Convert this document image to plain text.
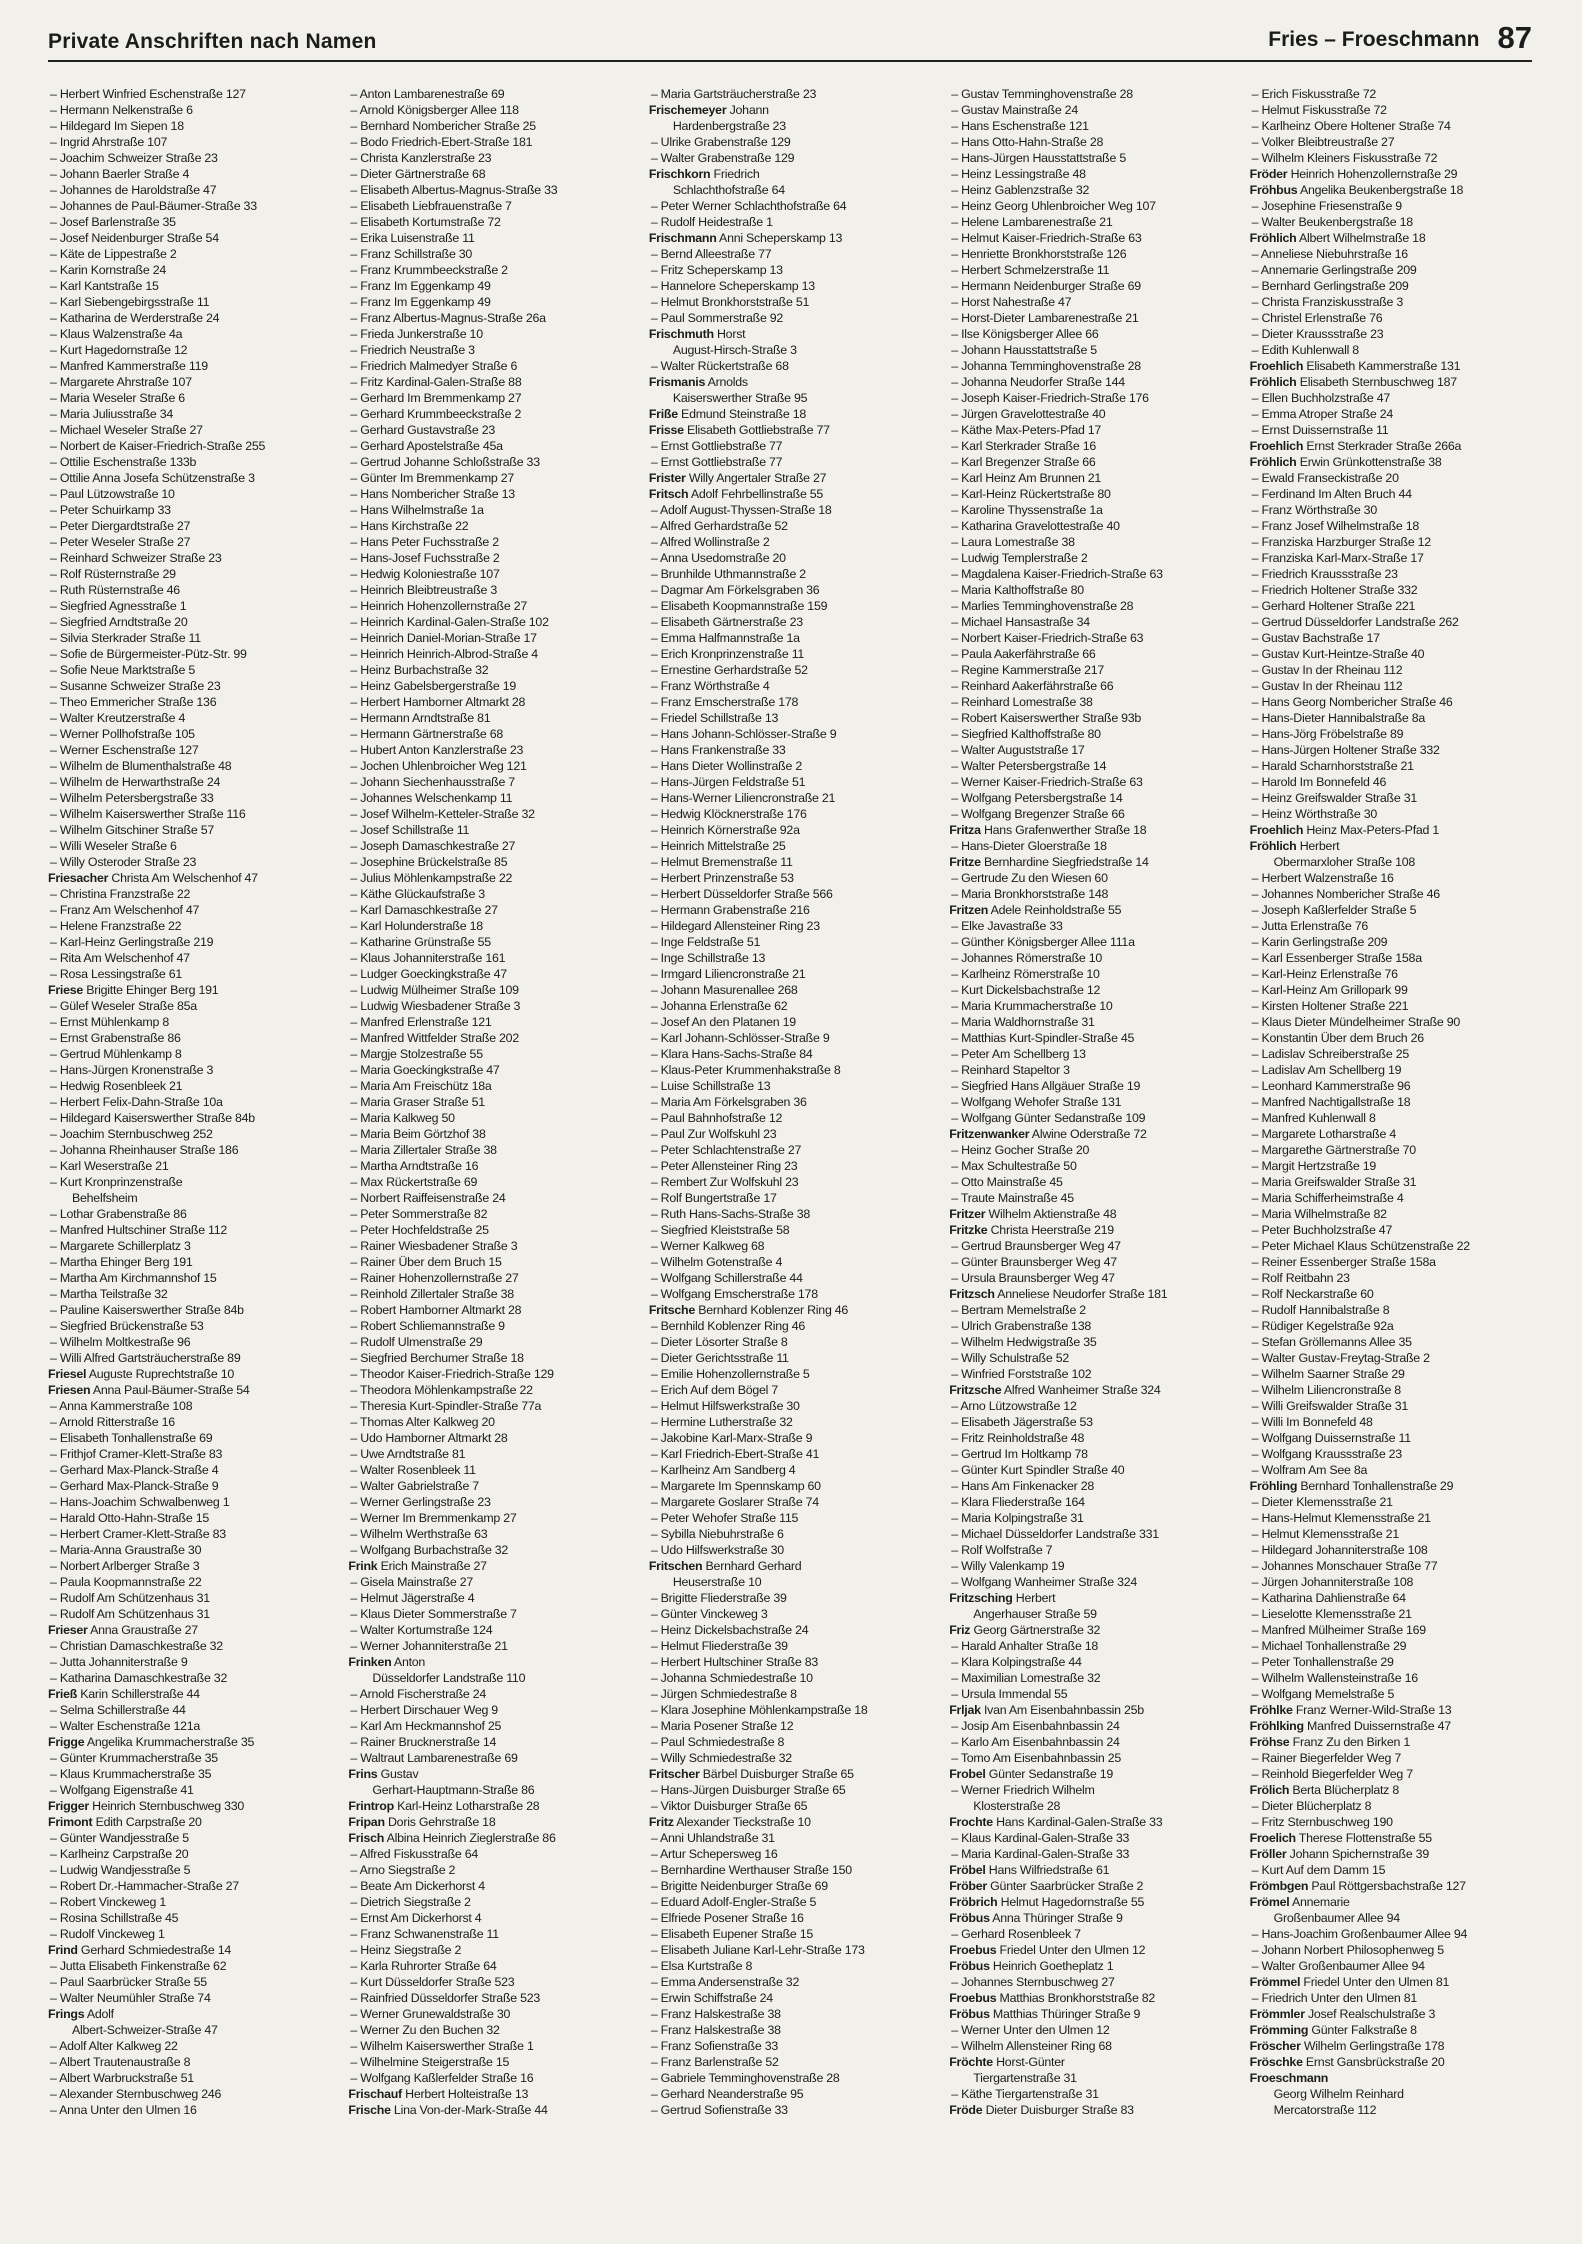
Private Anschriften nach Namen	Fries – Froeschmann 87
– Herbert Winfried Eschenstraße 127
– Hermann Nelkenstraße 6
– Hildegard Im Siepen 18
– Ingrid Ahrstraße 107
– Joachim Schweizer Straße 23
– Johann Baerler Straße 4
– Johannes de Haroldstraße 47
– Johannes de Paul-Bäumer-Straße 33
– Josef Barlenstraße 35
– Josef Neidenburger Straße 54
– Käte de Lippestraße 2
– Karin Kornstraße 24
– Karl Kantstraße 15
– Karl Siebengebirgsstraße 11
– Katharina de Werderstraße 24
– Klaus Walzenstraße 4a
– Kurt Hagedornstraße 12
– Manfred Kammerstraße 119
– Margarete Ahrstraße 107
– Maria Weseler Straße 6
– Maria Juliusstraße 34
– Michael Weseler Straße 27
– Norbert de Kaiser-Friedrich-Straße 255
– Ottilie Eschenstraße 133b
– Ottilie Anna Josefa Schützenstraße 3
– Paul Lützowstraße 10
– Peter Schuirkamp 33
– Peter Diergardtstraße 27
– Peter Weseler Straße 27
– Reinhard Schweizer Straße 23
– Rolf Rüsternstraße 29
– Ruth Rüsternstraße 46
– Siegfried Agnesstraße 1
– Siegfried Arndtstraße 20
– Silvia Sterkrader Straße 11
– Sofie de Bürgermeister-Pütz-Str. 99
– Sofie Neue Marktstraße 5
– Susanne Schweizer Straße 23
– Theo Emmericher Straße 136
– Walter Kreutzerstraße 4
– Werner Pollhofstraße 105
– Werner Eschenstraße 127
– Wilhelm de Blumenthalstraße 48
– Wilhelm de Herwarthstraße 24
– Wilhelm Petersbergstraße 33
– Wilhelm Kaiserswerther Straße 116
– Wilhelm Gitschiner Straße 57
– Willi Weseler Straße 6
– Willy Osteroder Straße 23
Friesacher Christa Am Welschenhof 47
– Christina Franzstraße 22
– Franz Am Welschenhof 47
– Helene Franzstraße 22
– Karl-Heinz Gerlingstraße 219
– Rita Am Welschenhof 47
– Rosa Lessingstraße 61
Friese Brigitte Ehinger Berg 191
– Gülef Weseler Straße 85a
– Ernst Mühlenkamp 8
– Ernst Grabenstraße 86
– Gertrud Mühlenkamp 8
– Hans-Jürgen Kronenstraße 3
– Hedwig Rosenbleek 21
– Herbert Felix-Dahn-Straße 10a
– Hildegard Kaiserswerther Straße 84b
– Joachim Sternbuschweg 252
– Johanna Rheinhauser Straße 186
– Karl Weserstraße 21
– Kurt Kronprinzenstraße
Behelfsheim
– Lothar Grabenstraße 86
– Manfred Hultschiner Straße 112
– Margarete Schillerplatz 3
– Martha Ehinger Berg 191
– Martha Am Kirchmannshof 15
– Martha Teilstraße 32
– Pauline Kaiserswerther Straße 84b
– Siegfried Brückenstraße 53
– Wilhelm Moltkestraße 96
– Willi Alfred Gartsträucherstraße 89
Friesel Auguste Ruprechtstraße 10
Friesen Anna Paul-Bäumer-Straße 54
– Anna Kammerstraße 108
– Arnold Ritterstraße 16
– Elisabeth Tonhallenstraße 69
– Frithjof Cramer-Klett-Straße 83
– Gerhard Max-Planck-Straße 4
– Gerhard Max-Planck-Straße 9
– Hans-Joachim Schwalbenweg 1
– Harald Otto-Hahn-Straße 15
– Herbert Cramer-Klett-Straße 83
– Maria-Anna Graustraße 30
– Norbert Arlberger Straße 3
– Paula Koopmannstraße 22
– Rudolf Am Schützenhaus 31
– Rudolf Am Schützenhaus 31
Frieser Anna Graustraße 27
– Christian Damaschkestraße 32
– Jutta Johanniterstraße 9
– Katharina Damaschkestraße 32
Frieß Karin Schillerstraße 44
– Selma Schillerstraße 44
– Walter Eschenstraße 121a
Frigge Angelika Krummacherstraße 35
– Günter Krummacherstraße 35
– Klaus Krummacherstraße 35
– Wolfgang Eigenstraße 41
Frigger Heinrich Sternbuschweg 330
Frimont Edith Carpstraße 20
– Günter Wandjesstraße 5
– Karlheinz Carpstraße 20
– Ludwig Wandjesstraße 5
– Robert Dr.-Hammacher-Straße 27
– Robert Vinckeweg 1
– Rosina Schillstraße 45
– Rudolf Vinckeweg 1
Frind Gerhard Schmiedestraße 14
– Jutta Elisabeth Finkenstraße 62
– Paul Saarbrücker Straße 55
– Walter Neumühler Straße 74
Frings Adolf
Albert-Schweizer-Straße 47
– Adolf Alter Kalkweg 22
– Albert Trautenaustraße 8
– Albert Warbruckstraße 51
– Alexander Sternbuschweg 246
– Anna Unter den Ulmen 16
– Anton Lambarenestraße 69
– Arnold Königsberger Allee 118
– Bernhard Nombericher Straße 25
– Bodo Friedrich-Ebert-Straße 181
– Christa Kanzlerstraße 23
– Dieter Gärtnerstraße 68
– Elisabeth Albertus-Magnus-Straße 33
– Elisabeth Liebfrauenstraße 7
– Elisabeth Kortumstraße 72
– Erika Luisenstraße 11
– Franz Schillstraße 30
– Franz Krummbeeckstraße 2
– Franz Im Eggenkamp 49
– Franz Im Eggenkamp 49
– Franz Albertus-Magnus-Straße 26a
– Frieda Junkerstraße 10
– Friedrich Neustraße 3
– Friedrich Malmedyer Straße 6
– Fritz Kardinal-Galen-Straße 88
– Gerhard Im Bremmenkamp 27
– Gerhard Krummbeeckstraße 2
– Gerhard Gustavstraße 23
– Gerhard Apostelstraße 45a
– Gertrud Johanne Schloßstraße 33
– Günter Im Bremmenkamp 27
– Hans Nombericher Straße 13
– Hans Wilhelmstraße 1a
– Hans Kirchstraße 22
– Hans Peter Fuchsstraße 2
– Hans-Josef Fuchsstraße 2
– Hedwig Koloniestraße 107
– Heinrich Bleibtreustraße 3
– Heinrich Hohenzollernstraße 27
– Heinrich Kardinal-Galen-Straße 102
– Heinrich Daniel-Morian-Straße 17
– Heinrich Heinrich-Albrod-Straße 4
– Heinz Burbachstraße 32
– Heinz Gabelsbergerstraße 19
– Herbert Hamborner Altmarkt 28
– Hermann Arndtstraße 81
– Hermann Gärtnerstraße 68
– Hubert Anton Kanzlerstraße 23
– Jochen Uhlenbroicher Weg 121
– Johann Siechenhausstraße 7
– Johannes Welschenkamp 11
– Josef Wilhelm-Ketteler-Straße 32
– Josef Schillstraße 11
– Joseph Damaschkestraße 27
– Josephine Brückelstraße 85
– Julius Möhlenkampstraße 22
– Käthe Glückaufstraße 3
– Karl Damaschkestraße 27
– Karl Holunderstraße 18
– Katharine Grünstraße 55
– Klaus Johanniterstraße 161
– Ludger Goeckingkstraße 47
– Ludwig Mülheimer Straße 109
– Ludwig Wiesbadener Straße 3
– Manfred Erlenstraße 121
– Manfred Wittfelder Straße 202
– Margje Stolzestraße 55
– Maria Goeckingkstraße 47
– Maria Am Freischütz 18a
– Maria Graser Straße 51
– Maria Kalkweg 50
– Maria Beim Görtzhof 38
– Maria Zillertaler Straße 38
– Martha Arndtstraße 16
– Max Rückertstraße 69
– Norbert Raiffeisenstraße 24
– Peter Sommerstraße 82
– Peter Hochfeldstraße 25
– Rainer Wiesbadener Straße 3
– Rainer Über dem Bruch 15
– Rainer Hohenzollernstraße 27
– Reinhold Zillertaler Straße 38
– Robert Hamborner Altmarkt 28
– Robert Schliemannstraße 9
– Rudolf Ulmenstraße 29
– Siegfried Berchumer Straße 18
– Theodor Kaiser-Friedrich-Straße 129
– Theodora Möhlenkampstraße 22
– Theresia Kurt-Spindler-Straße 77a
– Thomas Alter Kalkweg 20
– Udo Hamborner Altmarkt 28
– Uwe Arndtstraße 81
– Walter Rosenbleek 11
– Walter Gabrielstraße 7
– Werner Gerlingstraße 23
– Werner Im Bremmenkamp 27
– Wilhelm Werthstraße 63
– Wolfgang Burbachstraße 32
Frink Erich Mainstraße 27
– Gisela Mainstraße 27
– Helmut Jägerstraße 4
– Klaus Dieter Sommerstraße 7
– Walter Kortumstraße 124
– Werner Johanniterstraße 21
Frinken Anton
Düsseldorfer Landstraße 110
– Arnold Fischerstraße 24
– Herbert Dirschauer Weg 9
– Karl Am Heckmannshof 25
– Rainer Brucknerstraße 14
– Waltraut Lambarenestraße 69
Frins Gustav
Gerhart-Hauptmann-Straße 86
Frintrop Karl-Heinz Lotharstraße 28
Fripan Doris Gehrstraße 18
Frisch Albina Heinrich Zieglerstraße 86
– Alfred Fiskusstraße 64
– Arno Siegstraße 2
– Beate Am Dickerhorst 4
– Dietrich Siegstraße 2
– Ernst Am Dickerhorst 4
– Franz Schwanenstraße 11
– Heinz Siegstraße 2
– Karla Ruhrorter Straße 64
– Kurt Düsseldorfer Straße 523
– Rainfried Düsseldorfer Straße 523
– Werner Grunewaldstraße 30
– Werner Zu den Buchen 32
– Wilhelm Kaiserswerther Straße 1
– Wilhelmine Steigerstraße 15
– Wolfgang Kaßlerfelder Straße 16
Frischauf Herbert Holteistraße 13
Frische Lina Von-der-Mark-Straße 44
– Maria Gartsträucherstraße 23
Frischemeyer Johann
Hardenbergstraße 23
– Ulrike Grabenstraße 129
– Walter Grabenstraße 129
Frischkorn Friedrich
Schlachthofstraße 64
– Peter Werner Schlachthofstraße 64
– Rudolf Heidestraße 1
Frischmann Anni Scheperskamp 13
– Bernd Alleestraße 77
– Fritz Scheperskamp 13
– Hannelore Scheperskamp 13
– Helmut Bronkhorststraße 51
– Paul Sommerstraße 92
Frischmuth Horst
August-Hirsch-Straße 3
– Walter Rückertstraße 68
Frismanis Arnolds
Kaiserswerther Straße 95
Friße Edmund Steinstraße 18
Frisse Elisabeth Gottliebstraße 77
– Ernst Gottliebstraße 77
– Ernst Gottliebstraße 77
Frister Willy Angertaler Straße 27
Fritsch Adolf Fehrbellinstraße 55
– Adolf August-Thyssen-Straße 18
– Alfred Gerhardstraße 52
– Alfred Wollinstraße 2
– Anna Usedomstraße 20
– Brunhilde Uthmannstraße 2
– Dagmar Am Förkelsgraben 36
– Elisabeth Koopmannstraße 159
– Elisabeth Gärtnerstraße 23
– Emma Halfmannstraße 1a
– Erich Kronprinzenstraße 11
– Ernestine Gerhardstraße 52
– Franz Wörthstraße 4
– Franz Emscherstraße 178
– Friedel Schillstraße 13
– Hans Johann-Schlösser-Straße 9
– Hans Frankenstraße 33
– Hans Dieter Wollinstraße 2
– Hans-Jürgen Feldstraße 51
– Hans-Werner Liliencronstraße 21
– Hedwig Klöcknerstraße 176
– Heinrich Körnerstraße 92a
– Heinrich Mittelstraße 25
– Helmut Bremenstraße 11
– Herbert Prinzenstraße 53
– Herbert Düsseldorfer Straße 566
– Hermann Grabenstraße 216
– Hildegard Allensteiner Ring 23
– Inge Feldstraße 51
– Inge Schillstraße 13
– Irmgard Liliencronstraße 21
– Johann Masurenallee 268
– Johanna Erlenstraße 62
– Josef An den Platanen 19
– Karl Johann-Schlösser-Straße 9
– Klara Hans-Sachs-Straße 84
– Klaus-Peter Krummenhakstraße 8
– Luise Schillstraße 13
– Maria Am Förkelsgraben 36
– Paul Bahnhofstraße 12
– Paul Zur Wolfskuhl 23
– Peter Schlachtenstraße 27
– Peter Allensteiner Ring 23
– Rembert Zur Wolfskuhl 23
– Rolf Bungertstraße 17
– Ruth Hans-Sachs-Straße 38
– Siegfried Kleiststraße 58
– Werner Kalkweg 68
– Wilhelm Gotenstraße 4
– Wolfgang Schillerstraße 44
– Wolfgang Emscherstraße 178
Fritsche Bernhard Koblenzer Ring 46
– Bernhild Koblenzer Ring 46
– Dieter Lösorter Straße 8
– Dieter Gerichtsstraße 11
– Emilie Hohenzollernstraße 5
– Erich Auf dem Bögel 7
– Helmut Hilfswerkstraße 30
– Hermine Lutherstraße 32
– Jakobine Karl-Marx-Straße 9
– Karl Friedrich-Ebert-Straße 41
– Karlheinz Am Sandberg 4
– Margarete Im Spennskamp 60
– Margarete Goslarer Straße 74
– Peter Wehofer Straße 115
– Sybilla Niebuhrstraße 6
– Udo Hilfswerkstraße 30
Fritschen Bernhard Gerhard
Heuserstraße 10
– Brigitte Fliederstraße 39
– Günter Vinckeweg 3
– Heinz Dickelsbachstraße 24
– Helmut Fliederstraße 39
– Herbert Hultschiner Straße 83
– Johanna Schmiedestraße 10
– Jürgen Schmiedestraße 8
– Klara Josephine Möhlenkampstraße 18
– Maria Posener Straße 12
– Paul Schmiedestraße 8
– Willy Schmiedestraße 32
Fritscher Bärbel Duisburger Straße 65
– Hans-Jürgen Duisburger Straße 65
– Viktor Duisburger Straße 65
Fritz Alexander Tieckstraße 10
– Anni Uhlandstraße 31
– Artur Schepersweg 16
– Bernhardine Werthauser Straße 150
– Brigitte Neidenburger Straße 69
– Eduard Adolf-Engler-Straße 5
– Elfriede Posener Straße 16
– Elisabeth Eupener Straße 15
– Elisabeth Juliane Karl-Lehr-Straße 173
– Elsa Kurtstraße 8
– Emma Andersenstraße 32
– Erwin Schiffstraße 24
– Franz Halskestraße 38
– Franz Halskestraße 38
– Franz Sofienstraße 33
– Franz Barlenstraße 52
– Gabriele Temminghovenstraße 28
– Gerhard Neanderstraße 95
– Gertrud Sofienstraße 33
– Gustav Temminghovenstraße 28
– Gustav Mainstraße 24
– Hans Eschenstraße 121
– Hans Otto-Hahn-Straße 28
– Hans-Jürgen Hausstattstraße 5
– Heinz Lessingstraße 48
– Heinz Gablenzstraße 32
– Heinz Georg Uhlenbroicher Weg 107
– Helene Lambarenestraße 21
– Helmut Kaiser-Friedrich-Straße 63
– Henriette Bronkhorststraße 126
– Herbert Schmelzerstraße 11
– Hermann Neidenburger Straße 69
– Horst Nahestraße 47
– Horst-Dieter Lambarenestraße 21
– Ilse Königsberger Allee 66
– Johann Hausstattstraße 5
– Johanna Temminghovenstraße 28
– Johanna Neudorfer Straße 144
– Joseph Kaiser-Friedrich-Straße 176
– Jürgen Gravelottestraße 40
– Käthe Max-Peters-Pfad 17
– Karl Sterkrader Straße 16
– Karl Bregenzer Straße 66
– Karl Heinz Am Brunnen 21
– Karl-Heinz Rückertstraße 80
– Karoline Thyssenstraße 1a
– Katharina Gravelottestraße 40
– Laura Lomestraße 38
– Ludwig Templerstraße 2
– Magdalena Kaiser-Friedrich-Straße 63
– Maria Kalthoffstraße 80
– Marlies Temminghovenstraße 28
– Michael Hansastraße 34
– Norbert Kaiser-Friedrich-Straße 63
– Paula Aakerfährstraße 66
– Regine Kammerstraße 217
– Reinhard Aakerfährstraße 66
– Reinhard Lomestraße 38
– Robert Kaiserswerther Straße 93b
– Siegfried Kalthoffstraße 80
– Walter Auguststraße 17
– Walter Petersbergstraße 14
– Werner Kaiser-Friedrich-Straße 63
– Wolfgang Petersbergstraße 14
– Wolfgang Bregenzer Straße 66
Fritza Hans Grafenwerther Straße 18
– Hans-Dieter Gloerstraße 18
Fritze Bernhardine Siegfriedstraße 14
– Gertrude Zu den Wiesen 60
– Maria Bronkhorststraße 148
Fritzen Adele Reinholdstraße 55
– Elke Javastraße 33
– Günther Königsberger Allee 111a
– Johannes Römerstraße 10
– Karlheinz Römerstraße 10
– Kurt Dickelsbachstraße 12
– Maria Krummacherstraße 10
– Maria Waldhornstraße 31
– Matthias Kurt-Spindler-Straße 45
– Peter Am Schellberg 13
– Reinhard Stapeltor 3
– Siegfried Hans Allgäuer Straße 19
– Wolfgang Wehofer Straße 131
– Wolfgang Günter Sedanstraße 109
Fritzenwanker Alwine Oderstraße 72
– Heinz Gocher Straße 20
– Max Schultestraße 50
– Otto Mainstraße 45
– Traute Mainstraße 45
Fritzer Wilhelm Aktienstraße 48
Fritzke Christa Heerstraße 219
– Gertrud Braunsberger Weg 47
– Günter Braunsberger Weg 47
– Ursula Braunsberger Weg 47
Fritzsch Anneliese Neudorfer Straße 181
– Bertram Memelstraße 2
– Ulrich Grabenstraße 138
– Wilhelm Hedwigstraße 35
– Willy Schulstraße 52
– Winfried Forststraße 102
Fritzsche Alfred Wanheimer Straße 324
– Arno Lützowstraße 12
– Elisabeth Jägerstraße 53
– Fritz Reinholdstraße 48
– Gertrud Im Holtkamp 78
– Günter Kurt Spindler Straße 40
– Hans Am Finkenacker 28
– Klara Fliederstraße 164
– Maria Kolpingstraße 31
– Michael Düsseldorfer Landstraße 331
– Rolf Wolfstraße 7
– Willy Valenkamp 19
– Wolfgang Wanheimer Straße 324
Fritzsching Herbert
Angerhauser Straße 59
Friz Georg Gärtnerstraße 32
– Harald Anhalter Straße 18
– Klara Kolpingstraße 44
– Maximilian Lomestraße 32
– Ursula Immendal 55
Frljak Ivan Am Eisenbahnbassin 25b
– Josip Am Eisenbahnbassin 24
– Karlo Am Eisenbahnbassin 24
– Tomo Am Eisenbahnbassin 25
Frobel Günter Sedanstraße 19
– Werner Friedrich Wilhelm
Klosterstraße 28
Frochte Hans Kardinal-Galen-Straße 33
– Klaus Kardinal-Galen-Straße 33
– Maria Kardinal-Galen-Straße 33
Fröbel Hans Wilfriedstraße 61
Fröber Günter Saarbrücker Straße 2
Fröbrich Helmut Hagedornstraße 55
Fröbus Anna Thüringer Straße 9
– Gerhard Rosenbleek 7
Froebus Friedel Unter den Ulmen 12
Fröbus Heinrich Goetheplatz 1
– Johannes Sternbuschweg 27
Froebus Matthias Bronkhorststraße 82
Fröbus Matthias Thüringer Straße 9
– Werner Unter den Ulmen 12
– Wilhelm Allensteiner Ring 68
Fröchte Horst-Günter
Tiergartenstraße 31
– Käthe Tiergartenstraße 31
Fröde Dieter Duisburger Straße 83
– Erich Fiskusstraße 72
– Helmut Fiskusstraße 72
– Karlheinz Obere Holtener Straße 74
– Volker Bleibtreustraße 27
– Wilhelm Kleiners Fiskusstraße 72
Fröder Heinrich Hohenzollernstraße 29
Fröhbus Angelika Beukenbergstraße 18
– Josephine Friesenstraße 9
– Walter Beukenbergstraße 18
Fröhlich Albert Wilhelmstraße 18
– Anneliese Niebuhrstraße 16
– Annemarie Gerlingstraße 209
– Bernhard Gerlingstraße 209
– Christa Franziskusstraße 3
– Christel Erlenstraße 76
– Dieter Kraussstraße 23
– Edith Kuhlenwall 8
Froehlich Elisabeth Kammerstraße 131
Fröhlich Elisabeth Sternbuschweg 187
– Ellen Buchholzstraße 47
– Emma Atroper Straße 24
– Ernst Duissernstraße 11
Froehlich Ernst Sterkrader Straße 266a
Fröhlich Erwin Grünkottenstraße 38
– Ewald Franseckistraße 20
– Ferdinand Im Alten Bruch 44
– Franz Wörthstraße 30
– Franz Josef Wilhelmstraße 18
– Franziska Harzburger Straße 12
– Franziska Karl-Marx-Straße 17
– Friedrich Kraussstraße 23
– Friedrich Holtener Straße 332
– Gerhard Holtener Straße 221
– Gertrud Düsseldorfer Landstraße 262
– Gustav Bachstraße 17
– Gustav Kurt-Heintze-Straße 40
– Gustav In der Rheinau 112
– Gustav In der Rheinau 112
– Hans Georg Nombericher Straße 46
– Hans-Dieter Hannibalstraße 8a
– Hans-Jörg Fröbelstraße 89
– Hans-Jürgen Holtener Straße 332
– Harald Scharnhorststraße 21
– Harold Im Bonnefeld 46
– Heinz Greifswalder Straße 31
– Heinz Wörthstraße 30
Froehlich Heinz Max-Peters-Pfad 1
Fröhlich Herbert
Obermarxloher Straße 108
– Herbert Walzenstraße 16
– Johannes Nombericher Straße 46
– Joseph Kaßlerfelder Straße 5
– Jutta Erlenstraße 76
– Karin Gerlingstraße 209
– Karl Essenberger Straße 158a
– Karl-Heinz Erlenstraße 76
– Karl-Heinz Am Grillopark 99
– Kirsten Holtener Straße 221
– Klaus Dieter Mündelheimer Straße 90
– Konstantin Über dem Bruch 26
– Ladislav Schreiberstraße 25
– Ladislav Am Schellberg 19
– Leonhard Kammerstraße 96
– Manfred Nachtigallstraße 18
– Manfred Kuhlenwall 8
– Margarete Lotharstraße 4
– Margarethe Gärtnerstraße 70
– Margit Hertzstraße 19
– Maria Greifswalder Straße 31
– Maria Schifferheimstraße 4
– Maria Wilhelmstraße 82
– Peter Buchholzstraße 47
– Peter Michael Klaus Schützenstraße 22
– Reiner Essenberger Straße 158a
– Rolf Reitbahn 23
– Rolf Neckarstraße 60
– Rudolf Hannibalstraße 8
– Rüdiger Kegelstraße 92a
– Stefan Gröllemanns Allee 35
– Walter Gustav-Freytag-Straße 2
– Wilhelm Saarner Straße 29
– Wilhelm Liliencronstraße 8
– Willi Greifswalder Straße 31
– Willi Im Bonnefeld 48
– Wolfgang Duissernstraße 11
– Wolfgang Kraussstraße 23
– Wolfram Am See 8a
Fröhling Bernhard Tonhallenstraße 29
– Dieter Klemensstraße 21
– Hans-Helmut Klemensstraße 21
– Helmut Klemensstraße 21
– Hildegard Johanniterstraße 108
– Johannes Monschauer Straße 77
– Jürgen Johanniterstraße 108
– Katharina Dahlienstraße 64
– Lieselotte Klemensstraße 21
– Manfred Mülheimer Straße 169
– Michael Tonhallenstraße 29
– Peter Tonhallenstraße 29
– Wilhelm Wallensteinstraße 16
– Wolfgang Memelstraße 5
Fröhlke Franz Werner-Wild-Straße 13
Fröhlking Manfred Duissernstraße 47
Fröhse Franz Zu den Birken 1
– Rainer Biegerfelder Weg 7
– Reinhold Biegerfelder Weg 7
Frölich Berta Blücherplatz 8
– Dieter Blücherplatz 8
– Fritz Sternbuschweg 190
Froelich Therese Flottenstraße 55
Fröller Johann Spichernstraße 39
– Kurt Auf dem Damm 15
Frömbgen Paul Röttgersbachstraße 127
Frömel Annemarie
Großenbaumer Allee 94
– Hans-Joachim Großenbaumer Allee 94
– Johann Norbert Philosophenweg 5
– Walter Großenbaumer Allee 94
Frömmel Friedel Unter den Ulmen 81
– Friedrich Unter den Ulmen 81
Frömmler Josef Realschulstraße 3
Frömming Günter Falkstraße 8
Fröscher Wilhelm Gerlingstraße 178
Fröschke Ernst Gansbrückstraße 20
Froeschmann
Georg Wilhelm Reinhard
Mercatorstraße 112
